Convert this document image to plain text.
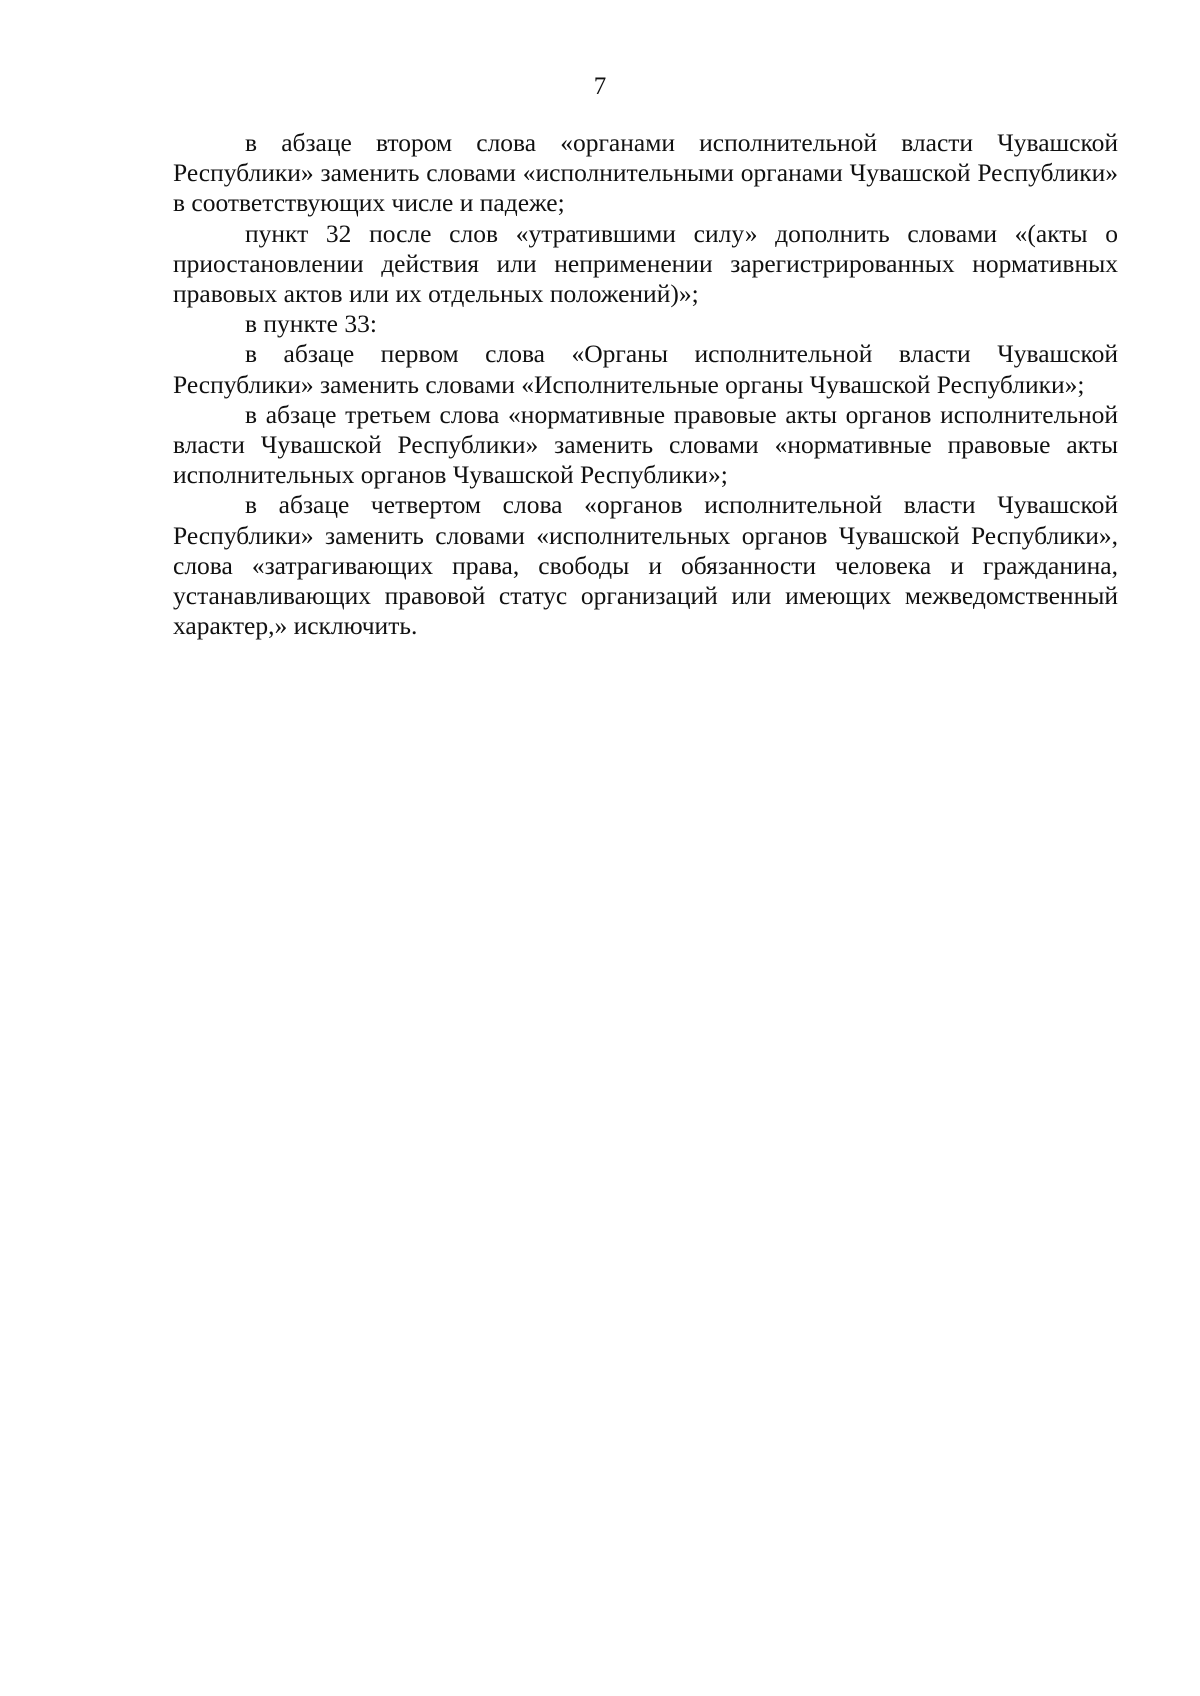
7

в абзаце втором слова «органами исполнительной власти Чувашской Республики» заменить словами «исполнительными органами Чувашской Республики» в соответствующих числе и падеже;

пункт 32 после слов «утратившими силу» дополнить словами «(акты о приостановлении действия или неприменении зарегистрированных нормативных правовых актов или их отдельных положений)»;

в пункте 33:

в абзаце первом слова «Органы исполнительной власти Чувашской Республики» заменить словами «Исполнительные органы Чувашской Республики»;

в абзаце третьем слова «нормативные правовые акты органов исполнительной власти Чувашской Республики» заменить словами «нормативные правовые акты исполнительных органов Чувашской Республики»;

в абзаце четвертом слова «органов исполнительной власти Чувашской Республики» заменить словами «исполнительных органов Чувашской Республики», слова «затрагивающих права, свободы и обязанности человека и гражданина, устанавливающих правовой статус организаций или имеющих межведомственный характер,» исключить.
